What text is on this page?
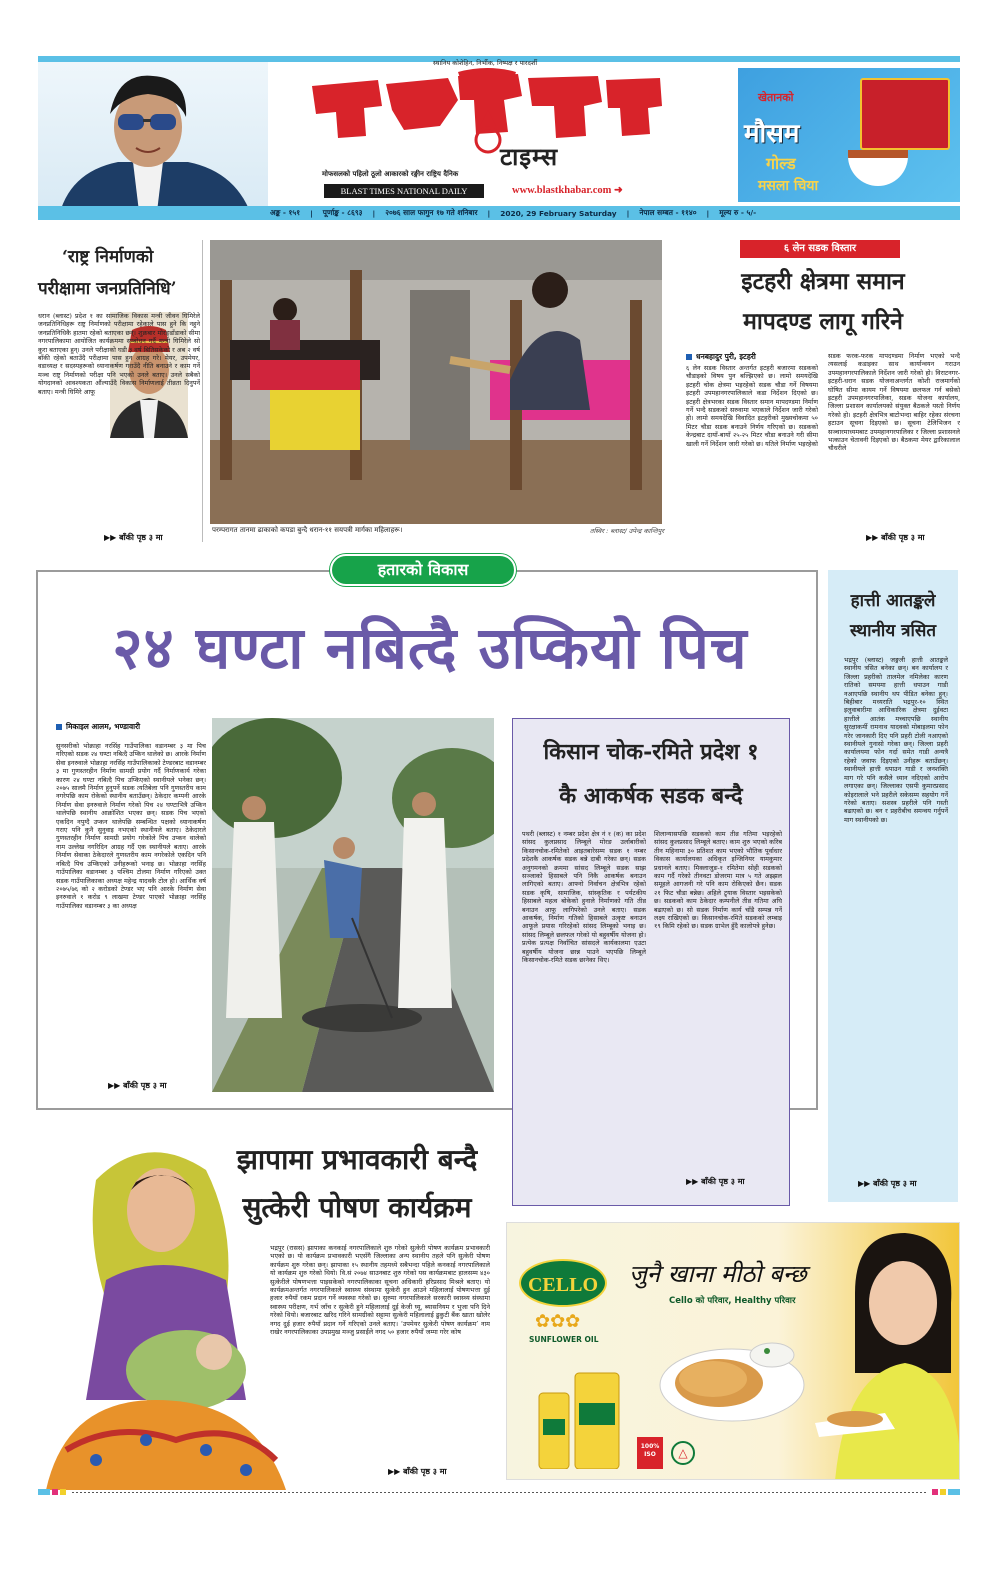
स्थानिय कोशेहिन, निर्भीक, निष्पक्ष र पारदर्शी
टाइम्स
मोफसलको पहिलो ठूलो आकारको रङ्गीन राष्ट्रिय दैनिक
BLAST TIMES NATIONAL DAILY	www.blastkhabar.com ➜
खेतानको
मौसम
गोल्ड
मसला चिया
अङ्क - १५१ | पूर्णाङ्क - ८६९३ | २०७६ साल फागुन १७ गते शनिबार | 2020, 29 February Saturday | नेपाल सम्बत - ११४० | मूल्य रु - ५/-
‘राष्ट्र निर्माणको
परीक्षामा जनप्रतिनिधि’
धरान (ब्लास्ट) प्रदेश १ का सामाजिक विकास मन्त्री जीवन घिमिरेले जनप्रतिनिधिहरू राष्ट्र निर्माणको परीक्षामा रहेकाले पास हुने कि नहुने जनप्रतिनिधिकै हातमा रहेको बताएका छन्। शुक्रबार मोरङ्डाँडाको सीमा नगरपालिकामा आयोजित कार्यक्रममा सम्बोधन गर्दै मन्त्री घिमिरेले सो कुरा बताएका हुन्। उनले परीक्षाको घडी ३ वर्ष बितिसकेको र अब २ वर्ष बाँकी रहेको बताउँदै परीक्षामा पास हुन आग्रह गरे। मेयर, उपमेयर, वडाध्यक्ष र सदस्यहरूको ध्यानाकर्षण गराउँदै नीति बनाउने र काम गर्ने मञ्च राष्ट्र निर्माणको परीक्षा पनि भएको उनले बताए। उनले सबैको योगदानको आवश्यकता औंल्याउँदै विकास निर्माणलाई तीव्रता दिनुपर्ने बताए। मन्त्री घिमिरे आफू
▶▶ बाँकी पृष्ठ ३ मा
परम्परागत तानमा ढाकाको कपडा बुन्दै धरान-११ सयपत्री मार्गका महिलाहरू।	तस्विर : ब्लास्ट/ उपेन्द्र कान्तिपुर
६ लेन सडक विस्तार
इटहरी क्षेत्रमा समान
मापदण्ड लागू गरिने
धनबहादुर पुरी, इटहरी
६ लेन सडक विस्तार अन्तर्गत इटहरी बजारमा सडकको चौडाइको विषय पुन बल्झिएको छ। लामो समयदेखि इटहरी चोक क्षेत्रमा भइरहेको सडक चौडा गर्ने विषयमा इटहरी उपमहानगरपालिकाले कडा निर्देशन दिएको छ। इटहरी क्षेत्रभरका सडक विस्तार समान मापदण्डमा निर्माण गर्ने भन्दै सडकको सरुवामा भएकाले निर्देशन जारी गरेको हो। लामो समयदेखि विवादित इटहरीको मुख्यचोकमा ५० मिटर चौडा सडक बनाउने निर्णय गरिएको छ। सडकको केन्द्रबाट दायाँ-बायाँ २५-२५ मिटर चौडा बनाउने गरी सीमा खाली गर्ने निर्देशन जारी गरेको छ। यतिले निर्माण भइरहेको
सडक फरक-फरक मापदण्डमा निर्माण भएको भन्दै त्यसलाई कडाइका साथ कार्यान्वयन गराउन उपमहानगरपालिकाले निर्देशन जारी गरेको हो। विराटनगर-इटहरी-धरान सडक योजनाअन्तर्गत कोशी राजमार्गको घोषित सीमा कायम गर्ने विषयमा छलफल गर्न बसेको इटहरी उपमहानगरपालिका, सडक योजना कार्यालय, जिल्ला प्रशासन कार्यालयको संयुक्त बैठकले यस्तो निर्णय गरेको हो। इटहरी क्षेत्रभित्र बाटोभन्दा बाहिर रहेका संरचना हटाउन सूचना दिइएको छ। सूचना टेलिभिजन र सञ्चारमाध्यमबाट उपमहानगरपालिका र जिल्ला प्रशासनले भत्काउन चेतावनी दिइएको छ। बैठकमा मेयर द्वारिकालाल चौधरीले
▶▶ बाँकी पृष्ठ ३ मा
हतारको विकास
२४ घण्टा नबित्दै उप्कियो पिच
मिकाइल आलम, भण्डावारी
सुनसरीको भोक्राहा नरसिंह गाउँपालिका वडानम्बर ३ मा पिच गरिएको सडक २४ घण्टा नबित्दै उप्किन थालेको छ। आरके निर्माण सेवा इनरुवाले भोक्राहा नरसिंह गाउँपालिकाको टेण्डरबाट वडानम्बर ३ मा गुणस्तरहीन निर्माण सामग्री प्रयोग गर्दै निर्माणकार्य गरेका कारण २४ घण्टा नबित्दै पिच उप्किएको स्थानीयले भनेका छन्। २०७५ सालमै निर्माण हुनुपर्ने सडक त्यतिबेला पनि गुणस्तरीय काम नगरेपछि काम रोकेको स्थानीय बताउँछन्। ठेकेदार कम्पनी आरके निर्माण सेवा इनरुवाले निर्माण गरेको पिच २४ घण्टाभित्रै उप्किन थालेपछि स्थानीय आक्रोशित भएका छन्। सडक पिच भएको एकदिन नपुग्दै उप्कन थालेपछि सम्बन्धित पक्षको ध्यानाकर्षण गराए पनि कुनै सुनुवाइ नभएको स्थानीयले बताए। ठेकेदारले गुणस्तरहीन निर्माण सामग्री प्रयोग गरेकोले पिच उप्कन थालेको नाम उल्लेख नगरिदिन आग्रह गर्दै एक स्थानीयले बताए। आरके निर्माण सेवाका ठेकेदारले गुणस्तरीय काम नगरेकोले एकदिन पनि नबित्दै पिच उप्किएको उनीहरूको भनाइ छ। भोक्राहा नरसिंह गाउँपालिका वडानम्बर ३ पश्चिम टोलमा निर्माण गरिएको उक्त सडक गाउँपालिकाका अध्यक्ष महेन्द्र यादवकै टोल हो। आर्थिक वर्ष २०७५/७६ को २ करोडको टेण्डर भए पनि आरके निर्माण सेवा इनरुवाले १ करोड ९ लाखमा टेण्डर पाएको भोक्राहा नरसिंह गाउँपालिका वडानम्बर ३ का अध्यक्ष
▶▶ बाँकी पृष्ठ ३ मा
किसान चोक-रमिते प्रदेश १
कै आकर्षक सडक बन्दै
पथरी (ब्लास्ट) १ नम्बर प्रदेश क्षेत्र नं १ (क) का प्रदेश सांसद कुलप्रसाद लिम्बूले मोरङ उर्लाबारीको किसानचोक-रमितेको आइतबारेसम्म सडक १ नम्बर प्रदेशकै आकर्षक सडक बन्ने दाबी गरेका छन्। सडक अनुगमनको क्रममा सांसद लिम्बूले सडक साझ सञ्जाको हिसाबले पनि निकै आकर्षक बनाउन लागिएको बताए। आफ्नो निर्वाचन क्षेत्रभित्र रहेको सडक कृषि, सामाजिक, सांस्कृतिक र पर्यटकीय हिसाबले महत्व बोकेको हुनाले निर्माणको गति तीव्र बनाउन आफू लागिपरेको उनले बताए। सडक आकर्षक, निर्माण गतिको हिसाबले उत्कृष्ट बनाउन आफूले प्रयास गरिरहेको सांसद लिम्बूको भनाइ छ। सांसद लिम्बूले छलफल गरेको यो बहुवर्षीय योजना हो। प्रत्येक प्रत्यक्ष निर्वाचित सांसदले कार्यकालमा एउटा बहुवर्षीय योजना छान्न पाउने भएपछि लिम्बूले किसानचोक-रमिते सडक छानेका थिए।
शिलान्यासपछि सडकको काम तीव्र गतिमा भइरहेको सांसद कुलप्रसाद लिम्बूले बताए। काम शुरु भएको करिब तीन महिनामा ३० प्रतिशत काम भएको भौतिक पूर्वाधार विकास कार्यालयका अधिकृत इन्जिनियर यामकुमार प्रधानले बताए। मिक्लाजुङ-१ रमितेमा सोही सडकको काम गर्दै गरेको तीनवटा डोजरमा मात्र ५ गते अझ्झल समूहले आगजनी गरे पनि काम रोकिएको छैन। सडक २१ फिट चौडा बन्नेछ। अहिले ट्र्याक विस्तार भइसकेको छ। सडकको काम ठेकेदार कम्पनीले तीव्र गतिमा अघि बढाएको छ। सो सडक निर्माण कार्य चाँडै सम्पन्न गर्ने लक्ष्य राखिएको छ। किसानचोक-रमिते सडकको लम्बाइ १९ किमि रहेको छ। सडक ग्राभेल हुँदै कालोपत्रे हुनेछ।
▶▶ बाँकी पृष्ठ ३ मा
हात्ती आतङ्कले
स्थानीय त्रसित
भद्रपुर (ब्लास्ट) जङ्गली हात्ती आतङ्कले स्थानीय त्रसित बनेका छन्। बन कार्यालय र जिल्ला प्रहरीको तालमेल नमिलेका कारण रातिको समयमा हात्ती धपाउन गाडी नआएपछि स्थानीय थप पीडित बनेका हुन्। बिहीबार मध्यराति भद्रपुर-१० स्थित इलुवाबारीमा आधिकारिक क्षेत्रमा दुईवटा हात्तीले आतंक मच्चाएपछि स्थानीय सुरक्षाकर्मी रामनाथ यादवको मोबाइलमा फोन गरेर जानकारी दिए पनि प्रहरी टोली नआएको स्थानीयले गुनासो गरेका छन्। जिल्ला प्रहरी कार्यालयमा फोन गर्दा समेत गाडी अन्यत्रै रहेको जवाफ दिइएको उनीहरू बताउँछन्। स्थानीयले हात्ती धपाउन गाडी र जनशक्ति माग गरे पनि कसैले ध्यान नदिएको आरोप लगाएका छन्। जिल्लाका एसपी कुमारप्रसाद कोइरालाले भने प्रहरीले सकेसम्म सहयोग गर्ने गरेको बताए। सशस्त्र प्रहरीले पनि गस्ती बढाएको छ। बन र प्रहरीबीच समन्वय गर्नुपर्ने माग स्थानीयको छ।
▶▶ बाँकी पृष्ठ ३ मा
झापामा प्रभावकारी बन्दै
सुत्केरी पोषण कार्यक्रम
भद्रपुर (रासस) झापाका कनकाई नगरपालिकाले शुरु गरेको सुत्केरी पोषण कार्यक्रम प्रभावकारी भएको छ। यो कार्यक्रम प्रभावकारी भएसँगै जिल्लाका अन्य स्थानीय तहले पनि सुत्केरी पोषण कार्यक्रम शुरु गरेका छन्। झापाका १५ स्थानीय तहमध्ये सबैभन्दा पहिले कनकाई नगरपालिकाले यो कार्यक्रम शुरु गरेको थियो। वि.सं २०७४ साउनबाट शुरु गरेको यस कार्यक्रमबाट हालसम्म ४३० सुत्केरीले पोषणभत्ता पाइसकेको नगरपालिकाका सूचना अधिकारी हरिप्रसाद मिश्रले बताए। यो कार्यक्रमअन्तर्गत नगरपालिकाले स्वास्थ्य संस्थामा सुत्केरी हुन आउने महिलालाई पोषणभत्ता दुई हजार रुपैयाँ रकम प्रदान गर्ने व्यवस्था गरेको छ। सुरुमा नगरपालिकाले सरकारी स्वास्थ्य संस्थामा स्वास्थ्य परीक्षण, गर्भ जाँच र सुत्केरी हुने महिलालाई दुई केजी घ्यू, ब्यासनियम र भुजा पनि दिने गरेको थियो। बजारबाट खरिद गरिने सामग्रीको सट्टामा सुत्केरी महिलालाई ढुकुटी बैंक खाता खोलेर नगद दुई हजार रुपैयाँ प्रदान गर्ने गरिएको उनले बताए। ‘उपमेयर सुत्केरी पोषण कार्यक्रम’ नाम राखेर नगरपालिकाका उपप्रमुख मञ्जु प्रसाईंले नगद ५० हजार रुपैयाँ जम्मा गरेर कोष
▶▶ बाँकी पृष्ठ ३ मा
CELLO
✿✿✿
SUNFLOWER OIL
100% ISO	△
जुनै खाना मीठो बन्छ
Cello को परिवार, Healthy परिवार
